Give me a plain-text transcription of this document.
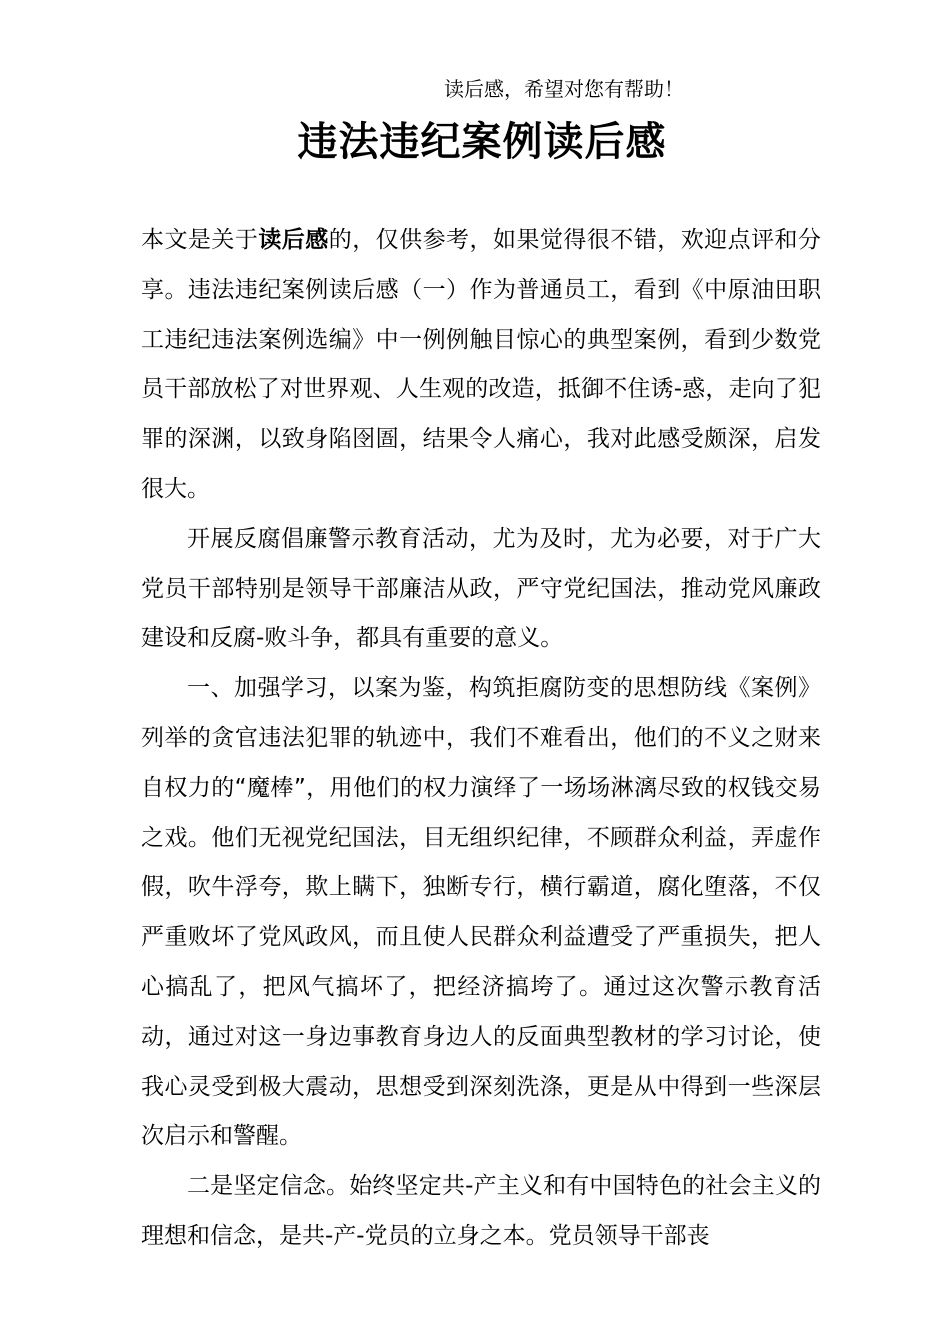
读后感，希望对您有帮助！
违法违纪案例读后感

本文是关于读后感的，仅供参考，如果觉得很不错，欢迎点评和分享。违法违纪案例读后感（一）作为普通员工，看到《中原油田职工违纪违法案例选编》中一例例触目惊心的典型案例，看到少数党员干部放松了对世界观、人生观的改造，抵御不住诱-惑，走向了犯罪的深渊，以致身陷囹圄，结果令人痛心，我对此感受颇深，启发很大。

开展反腐倡廉警示教育活动，尤为及时，尤为必要，对于广大党员干部特别是领导干部廉洁从政，严守党纪国法，推动党风廉政建设和反腐-败斗争，都具有重要的意义。

一、加强学习，以案为鉴，构筑拒腐防变的思想防线《案例》列举的贪官违法犯罪的轨迹中，我们不难看出，他们的不义之财来自权力的“魔棒”，用他们的权力演绎了一场场淋漓尽致的权钱交易之戏。他们无视党纪国法，目无组织纪律，不顾群众利益，弄虚作假，吹牛浮夸，欺上瞒下，独断专行，横行霸道，腐化堕落，不仅严重败坏了党风政风，而且使人民群众利益遭受了严重损失，把人心搞乱了，把风气搞坏了，把经济搞垮了。通过这次警示教育活动，通过对这一身边事教育身边人的反面典型教材的学习讨论，使我心灵受到极大震动，思想受到深刻洗涤，更是从中得到一些深层次启示和警醒。

二是坚定信念。始终坚定共-产主义和有中国特色的社会主义的理想和信念，是共-产-党员的立身之本。党员领导干部丧
